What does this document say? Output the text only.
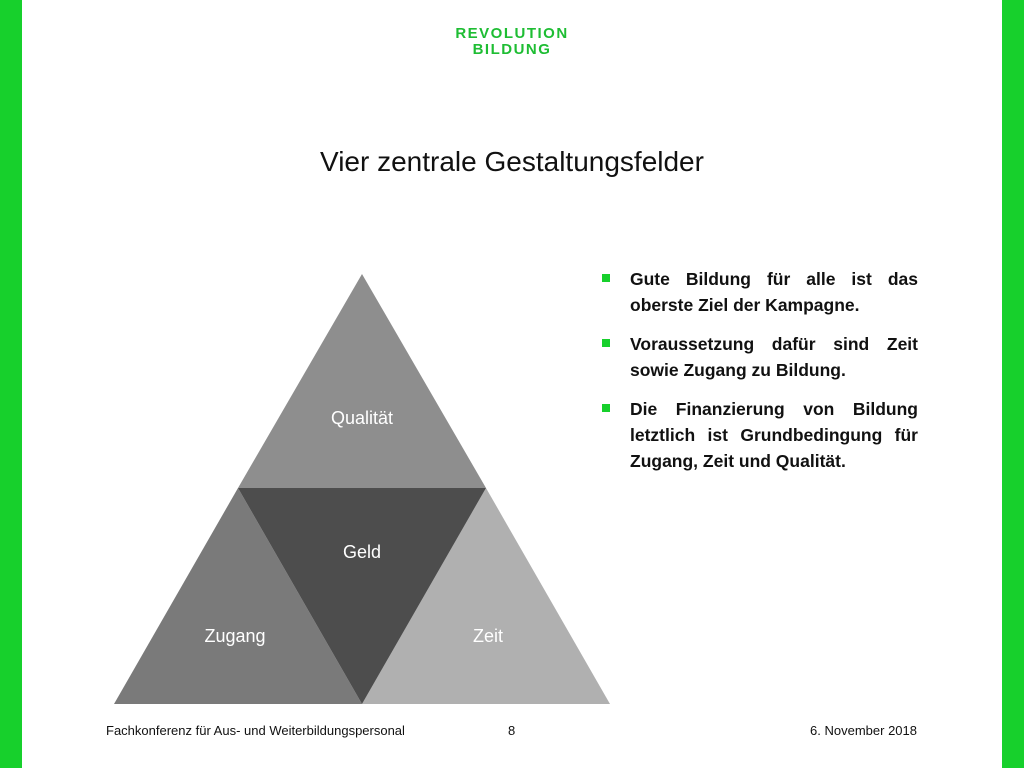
REVOLUTION
BILDUNG
Vier zentrale Gestaltungsfelder
Qualität
Geld
Zugang	Zeit
Gute Bildung für alle ist das oberste Ziel der Kampagne.
Voraussetzung dafür sind Zeit sowie Zugang zu Bildung.
Die Finanzierung von Bildung letztlich ist Grundbedingung für Zugang, Zeit und Qualität.
Fachkonferenz für Aus- und Weiterbildungspersonal	8	6. November 2018
